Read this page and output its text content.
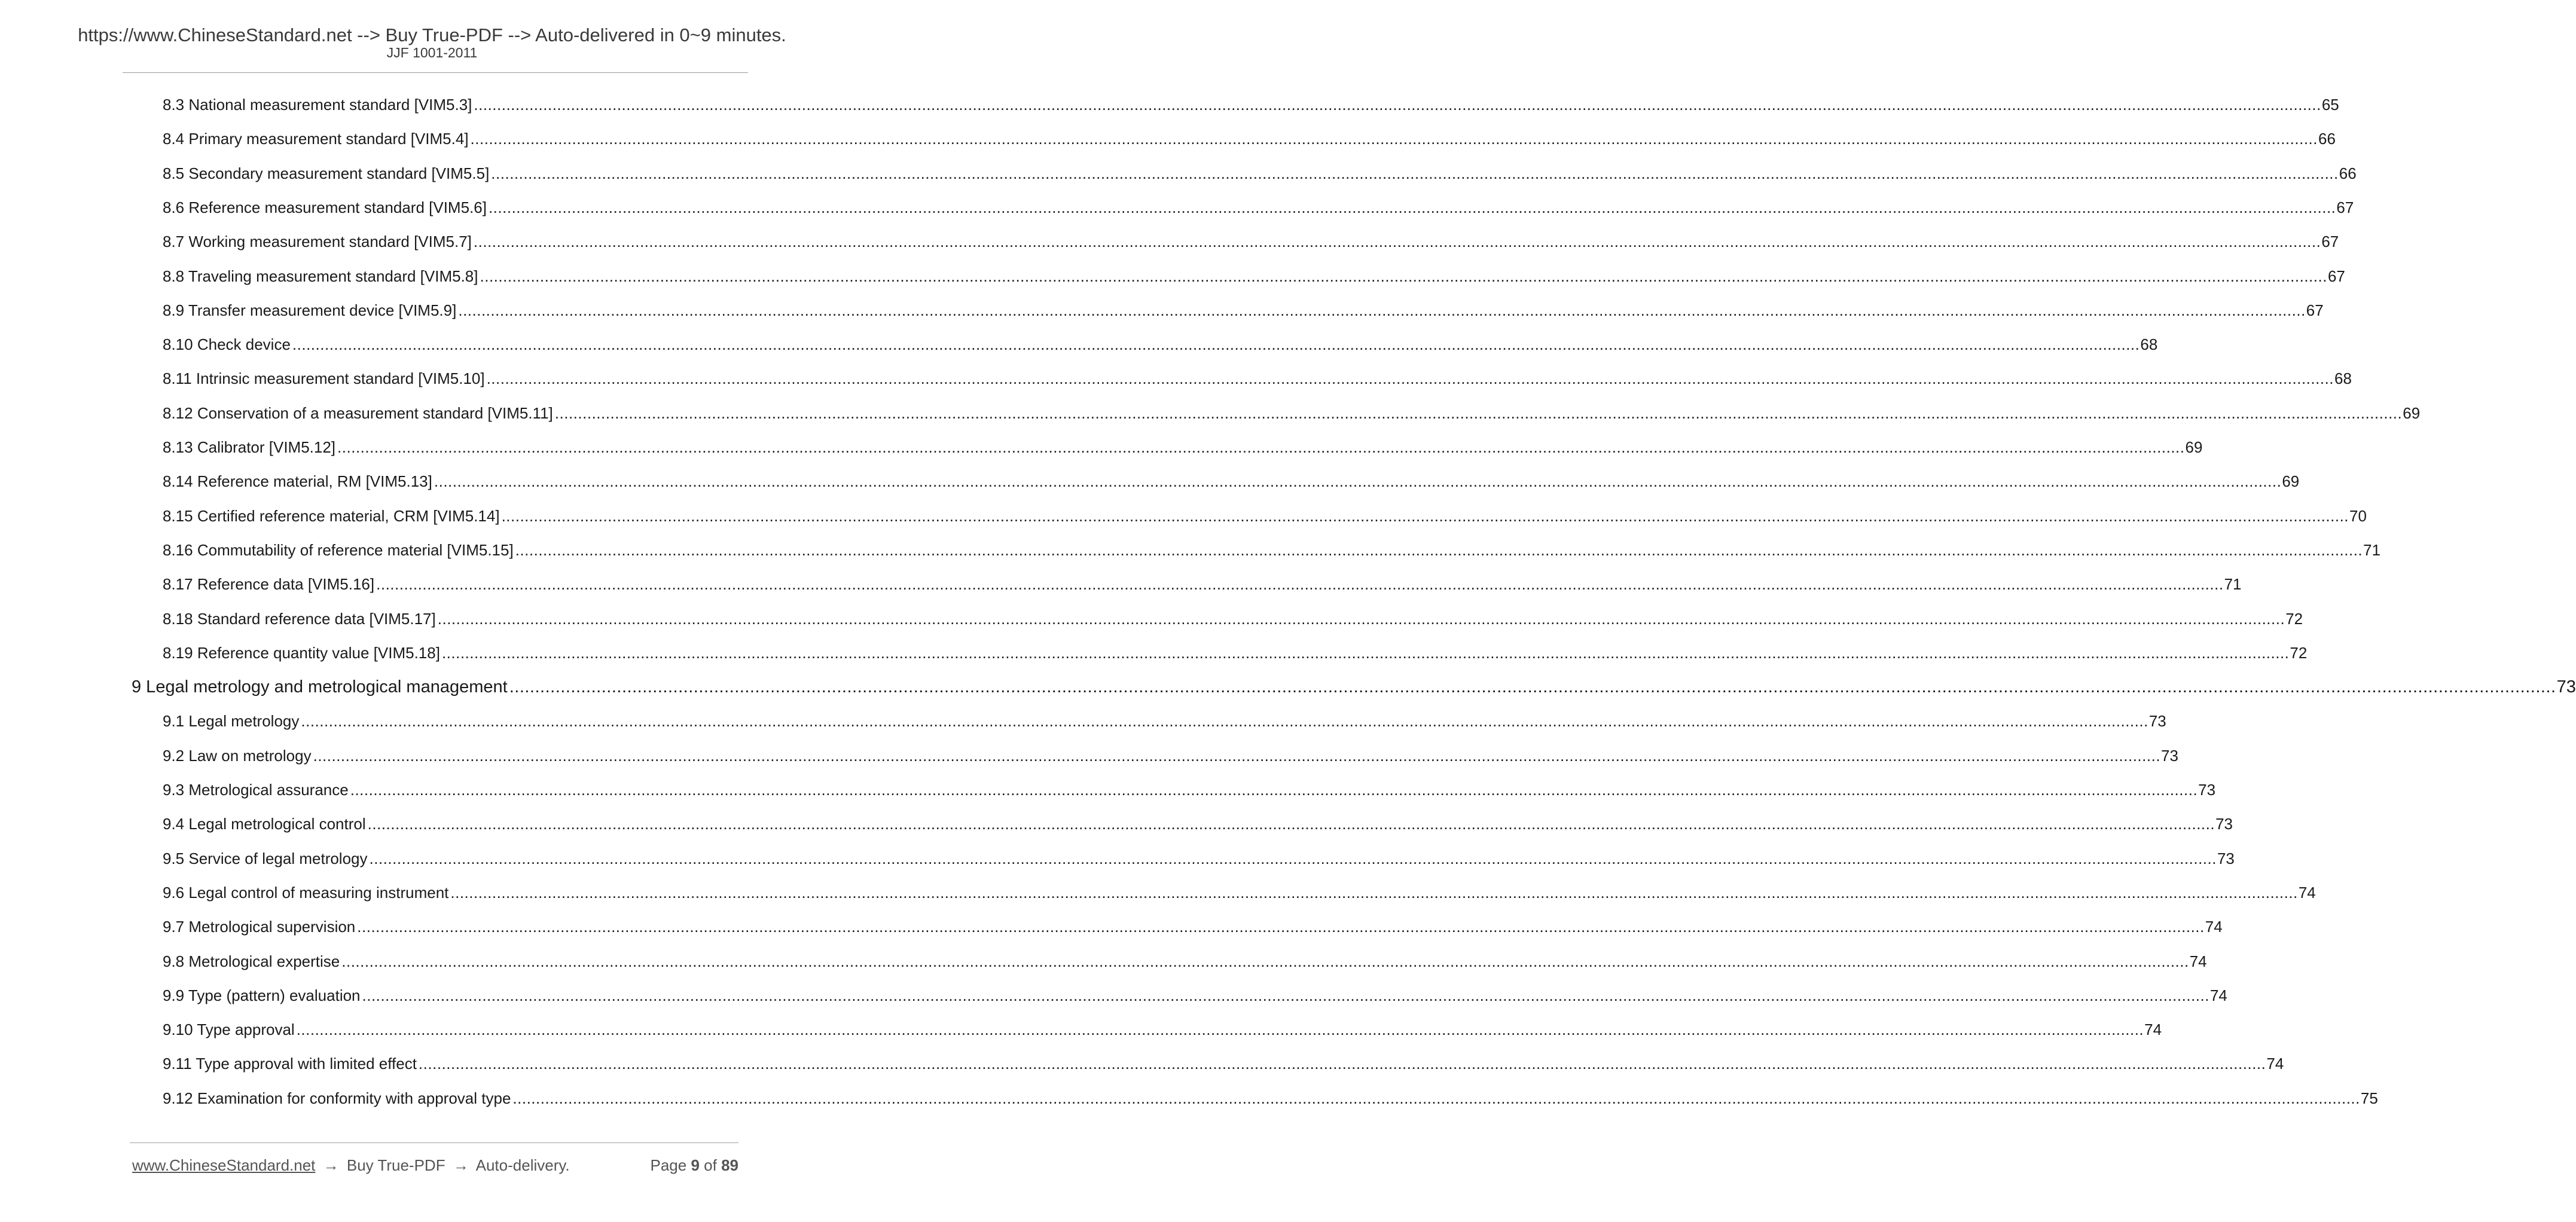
https://www.ChineseStandard.net --> Buy True-PDF --> Auto-delivered in 0~9 minutes.
JJF 1001-2011
8.3 National measurement standard [VIM5.3] ................................................................................................................................................................................................................................................................................................................................................................................................................ 65
8.4 Primary measurement standard [VIM5.4] ................................................................................................................................................................................................................................................................................................................................................................................................................ 66
8.5 Secondary measurement standard [VIM5.5] ................................................................................................................................................................................................................................................................................................................................................................................................................ 66
8.6 Reference measurement standard [VIM5.6] ................................................................................................................................................................................................................................................................................................................................................................................................................ 67
8.7 Working measurement standard [VIM5.7] ................................................................................................................................................................................................................................................................................................................................................................................................................ 67
8.8 Traveling measurement standard [VIM5.8] ................................................................................................................................................................................................................................................................................................................................................................................................................ 67
8.9 Transfer measurement device [VIM5.9] ................................................................................................................................................................................................................................................................................................................................................................................................................ 67
8.10 Check device ................................................................................................................................................................................................................................................................................................................................................................................................................ 68
8.11 Intrinsic measurement standard [VIM5.10] ................................................................................................................................................................................................................................................................................................................................................................................................................ 68
8.12 Conservation of a measurement standard [VIM5.11] ................................................................................................................................................................................................................................................................................................................................................................................................................ 69
8.13 Calibrator [VIM5.12] ................................................................................................................................................................................................................................................................................................................................................................................................................ 69
8.14 Reference material, RM [VIM5.13] ................................................................................................................................................................................................................................................................................................................................................................................................................ 69
8.15 Certified reference material, CRM [VIM5.14] ................................................................................................................................................................................................................................................................................................................................................................................................................ 70
8.16 Commutability of reference material [VIM5.15] ................................................................................................................................................................................................................................................................................................................................................................................................................ 71
8.17 Reference data [VIM5.16] ................................................................................................................................................................................................................................................................................................................................................................................................................ 71
8.18 Standard reference data [VIM5.17] ................................................................................................................................................................................................................................................................................................................................................................................................................ 72
8.19 Reference quantity value [VIM5.18] ................................................................................................................................................................................................................................................................................................................................................................................................................ 72
9 Legal metrology and metrological management ................................................................................................................................................................................................................................................................................................................................................................................................................ 73
9.1 Legal metrology ................................................................................................................................................................................................................................................................................................................................................................................................................ 73
9.2 Law on metrology ................................................................................................................................................................................................................................................................................................................................................................................................................ 73
9.3 Metrological assurance ................................................................................................................................................................................................................................................................................................................................................................................................................ 73
9.4 Legal metrological control ................................................................................................................................................................................................................................................................................................................................................................................................................ 73
9.5 Service of legal metrology ................................................................................................................................................................................................................................................................................................................................................................................................................ 73
9.6 Legal control of measuring instrument ................................................................................................................................................................................................................................................................................................................................................................................................................ 74
9.7 Metrological supervision ................................................................................................................................................................................................................................................................................................................................................................................................................ 74
9.8 Metrological expertise ................................................................................................................................................................................................................................................................................................................................................................................................................ 74
9.9 Type (pattern) evaluation ................................................................................................................................................................................................................................................................................................................................................................................................................ 74
9.10 Type approval ................................................................................................................................................................................................................................................................................................................................................................................................................ 74
9.11 Type approval with limited effect ................................................................................................................................................................................................................................................................................................................................................................................................................ 74
9.12 Examination for conformity with approval type ................................................................................................................................................................................................................................................................................................................................................................................................................ 75
www.ChineseStandard.net → Buy True-PDF → Auto-delivery.	Page 9 of 89
